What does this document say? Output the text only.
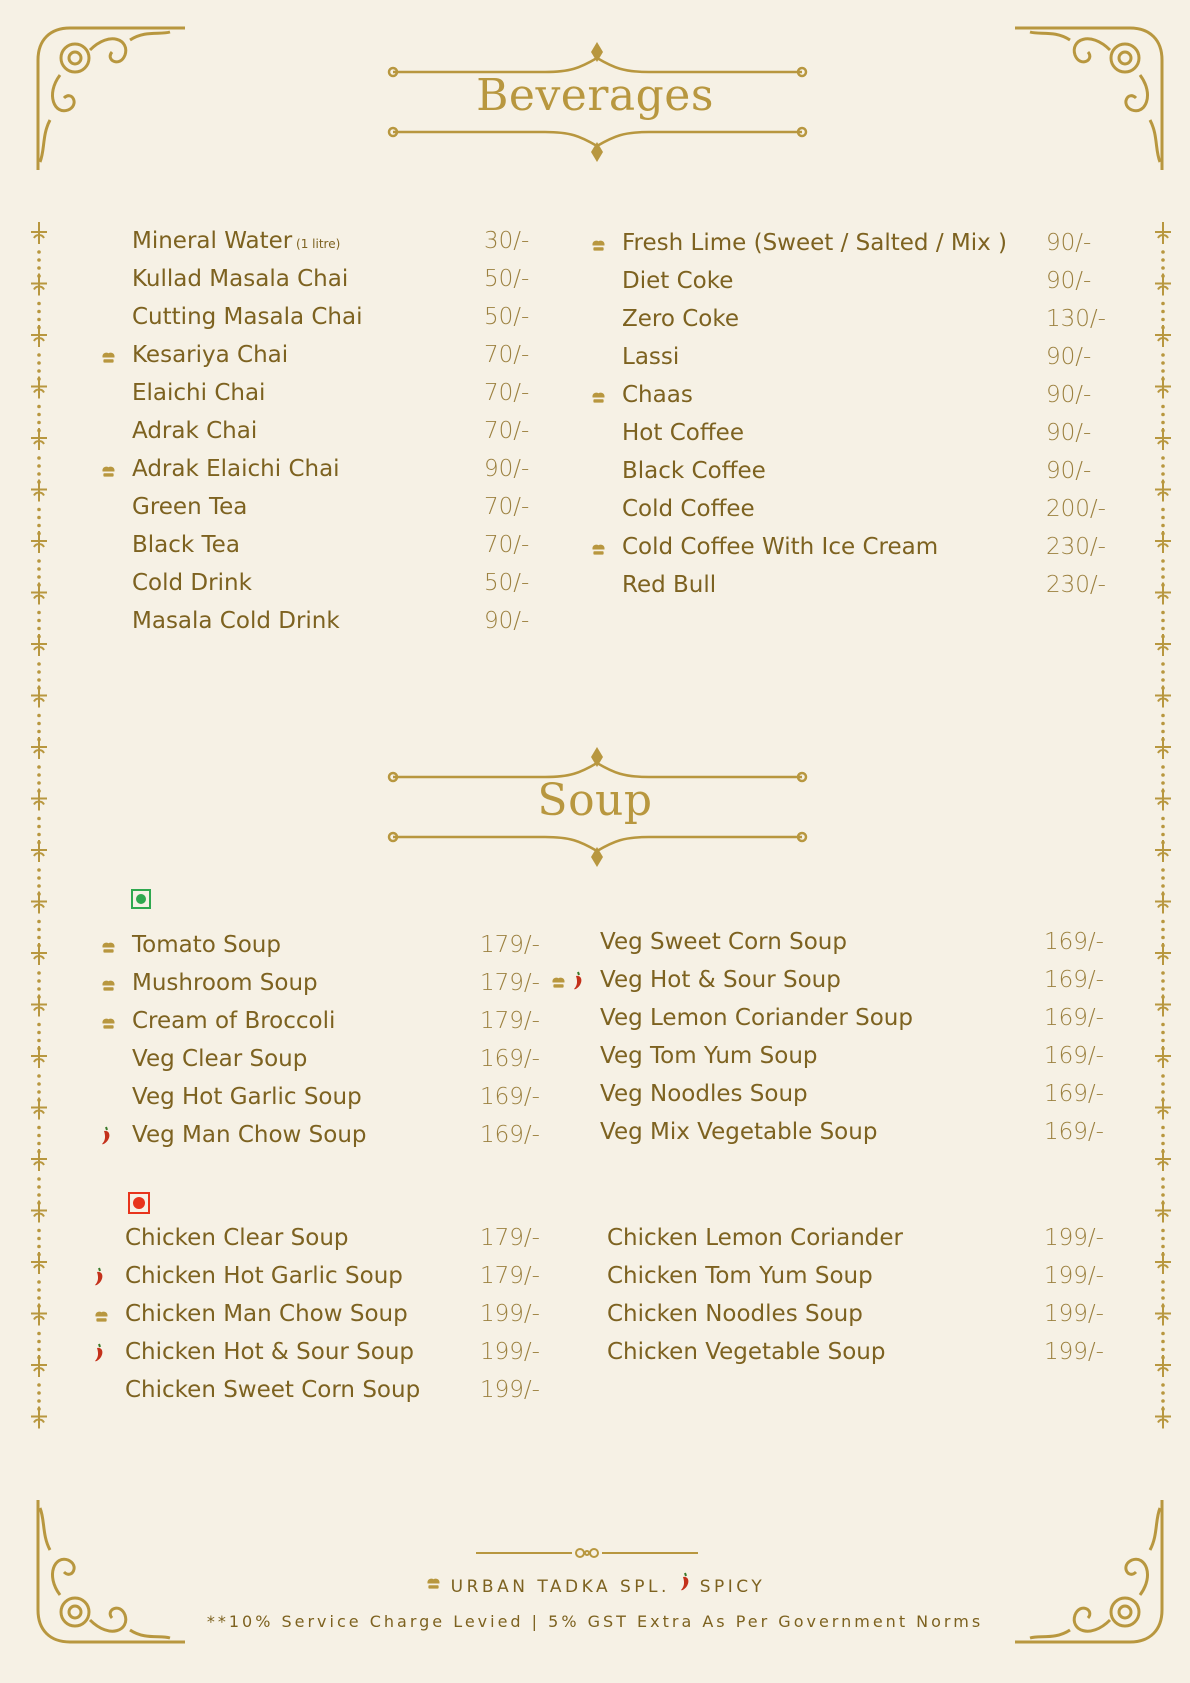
Beverages
Soup
Mineral Water (1 litre)	30/-
Kullad Masala Chai	50/-
Cutting Masala Chai	50/-
Kesariya Chai	70/-
Elaichi Chai	70/-
Adrak Chai	70/-
Adrak Elaichi Chai	90/-
Green Tea	70/-
Black Tea	70/-
Cold Drink	50/-
Masala Cold Drink	90/-
Fresh Lime (Sweet / Salted / Mix ) 90/-
Diet Coke	90/-
Zero Coke	130/-
Lassi	90/-
Chaas	90/-
Hot Coffee	90/-
Black Coffee	90/-
Cold Coffee	200/-
Cold Coffee With Ice Cream	230/-
Red Bull	230/-
Tomato Soup	179/-
Mushroom Soup	179/-
Cream of Broccoli	179/-
Veg Clear Soup	169/-
Veg Hot Garlic Soup	169/-
Veg Man Chow Soup	169/-
Veg Sweet Corn Soup	169/-
Veg Hot & Sour Soup	169/-
Veg Lemon Coriander Soup	169/-
Veg Tom Yum Soup	169/-
Veg Noodles Soup	169/-
Veg Mix Vegetable Soup	169/-
Chicken Clear Soup	179/-
Chicken Hot Garlic Soup	179/-
Chicken Man Chow Soup	199/-
Chicken Hot & Sour Soup	199/-
Chicken Sweet Corn Soup	199/-
Chicken Lemon Coriander	199/-
Chicken Tom Yum Soup	199/-
Chicken Noodles Soup	199/-
Chicken Vegetable Soup	199/-
URBAN TADKA SPL. SPICY
**10% Service Charge Levied | 5% GST Extra As Per Government Norms
